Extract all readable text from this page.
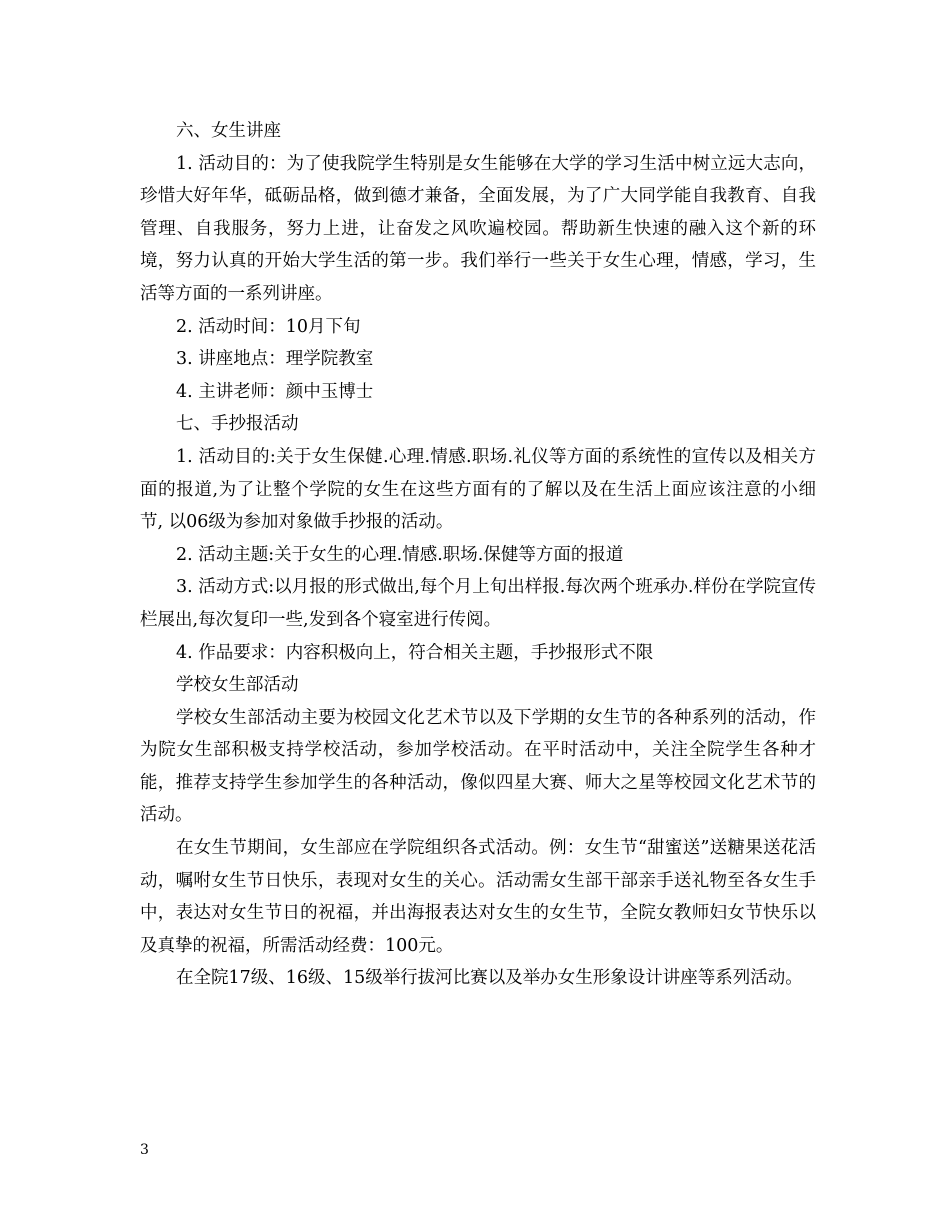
六、女生讲座

1. 活动目的：为了使我院学生特别是女生能够在大学的学习生活中树立远大志向，珍惜大好年华，砥砺品格，做到德才兼备，全面发展，为了广大同学能自我教育、自我管理、自我服务，努力上进，让奋发之风吹遍校园。帮助新生快速的融入这个新的环境，努力认真的开始大学生活的第一步。我们举行一些关于女生心理，情感，学习，生活等方面的一系列讲座。

2. 活动时间：10月下旬

3. 讲座地点：理学院教室

4. 主讲老师：颜中玉博士

七、手抄报活动

1. 活动目的:关于女生保健.心理.情感.职场.礼仪等方面的系统性的宣传以及相关方面的报道,为了让整个学院的女生在这些方面有的了解以及在生活上面应该注意的小细节, 以06级为参加对象做手抄报的活动。

2. 活动主题:关于女生的心理.情感.职场.保健等方面的报道

3. 活动方式:以月报的形式做出,每个月上旬出样报.每次两个班承办.样份在学院宣传栏展出,每次复印一些,发到各个寝室进行传阅。

4. 作品要求：内容积极向上，符合相关主题，手抄报形式不限

学校女生部活动

学校女生部活动主要为校园文化艺术节以及下学期的女生节的各种系列的活动，作为院女生部积极支持学校活动，参加学校活动。在平时活动中，关注全院学生各种才能，推荐支持学生参加学生的各种活动，像似四星大赛、师大之星等校园文化艺术节的活动。

在女生节期间，女生部应在学院组织各式活动。例：女生节“甜蜜送”送糖果送花活动，嘱咐女生节日快乐，表现对女生的关心。活动需女生部干部亲手送礼物至各女生手中，表达对女生节日的祝福，并出海报表达对女生的女生节，全院女教师妇女节快乐以及真挚的祝福，所需活动经费：100元。

在全院17级、16级、15级举行拔河比赛以及举办女生形象设计讲座等系列活动。

3
